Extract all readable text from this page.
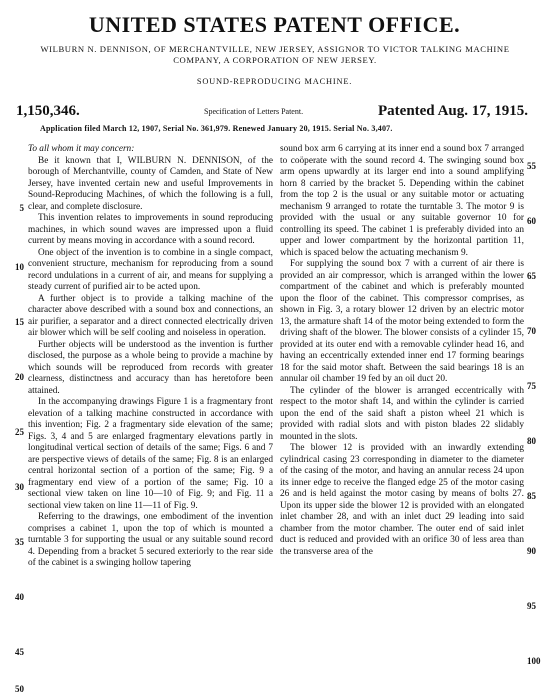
UNITED STATES PATENT OFFICE.
WILBURN N. DENNISON, OF MERCHANTVILLE, NEW JERSEY, ASSIGNOR TO VICTOR TALKING MACHINE COMPANY, A CORPORATION OF NEW JERSEY.
SOUND-REPRODUCING MACHINE.
1,150,346.	Specification of Letters Patent.	Patented Aug. 17, 1915.
Application filed March 12, 1907, Serial No. 361,979. Renewed January 20, 1915. Serial No. 3,407.
To all whom it may concern:

Be it known that I, WILBURN N. DENNISON, of the borough of Merchantville, county of Camden, and State of New Jersey, have invented certain new and useful Improvements in Sound-Reproducing Machines, of which the following is a full, clear, and complete disclosure.

This invention relates to improvements in sound reproducing machines, in which sound waves are impressed upon a fluid current by means moving in accordance with a sound record.

One object of the invention is to combine in a single compact, convenient structure, mechanism for reproducing from a sound record undulations in a current of air, and means for supplying a steady current of purified air to be acted upon.

A further object is to provide a talking machine of the character above described with a sound box and connections, an air purifier, a separator and a direct connected electrically driven air blower which will be self cooling and noiseless in operation.

Further objects will be understood as the invention is further disclosed, the purpose as a whole being to provide a machine by which sounds will be reproduced from records with greater clearness, distinctness and accuracy than has heretofore been attained.

In the accompanying drawings Figure 1 is a fragmentary front elevation of a talking machine constructed in accordance with this invention; Fig. 2 a fragmentary side elevation of the same; Figs. 3, 4 and 5 are enlarged fragmentary elevations partly in longitudinal vertical section of details of the same; Figs. 6 and 7 are perspective views of details of the same; Fig. 8 is an enlarged central horizontal section of a portion of the same; Fig. 9 a fragmentary end view of a portion of the same; Fig. 10 a sectional view taken on line 10—10 of Fig. 9; and Fig. 11 a sectional view taken on line 11—11 of Fig. 9.

Referring to the drawings, one embodiment of the invention comprises a cabinet 1, upon the top of which is mounted a turntable 3 for supporting the usual or any suitable sound record 4. Depending from a bracket 5 secured exteriorly to the rear side of the cabinet is a swinging hollow tapering

sound box arm 6 carrying at its inner end a sound box 7 arranged to coöperate with the sound record 4. The swinging sound box arm opens upwardly at its larger end into a sound amplifying horn 8 carried by the bracket 5. Depending within the cabinet from the top 2 is the usual or any suitable motor or actuating mechanism 9 arranged to rotate the turntable 3. The motor 9 is provided with the usual or any suitable governor 10 for controlling its speed. The cabinet 1 is preferably divided into an upper and lower compartment by the horizontal partition 11, which is spaced below the actuating mechanism 9.

For supplying the sound box 7 with a current of air there is provided an air compressor, which is arranged within the lower compartment of the cabinet and which is preferably mounted upon the floor of the cabinet. This compressor comprises, as shown in Fig. 3, a rotary blower 12 driven by an electric motor 13, the armature shaft 14 of the motor being extended to form the driving shaft of the blower. The blower consists of a cylinder 15, provided at its outer end with a removable cylinder head 16, and having an eccentrically extended inner end 17 forming bearings 18 for the said motor shaft. Between the said bearings 18 is an annular oil chamber 19 fed by an oil duct 20.

The cylinder of the blower is arranged eccentrically with respect to the motor shaft 14, and within the cylinder is carried upon the end of the said shaft a piston wheel 21 which is provided with radial slots and with piston blades 22 slidably mounted in the slots.

The blower 12 is provided with an inwardly extending cylindrical casing 23 corresponding in diameter to the diameter of the casing of the motor, and having an annular recess 24 upon its inner edge to receive the flanged edge 25 of the motor casing 26 and is held against the motor casing by means of bolts 27. Upon its upper side the blower 12 is provided with an elongated inlet chamber 28, and with an inlet duct 29 leading into said chamber from the motor chamber. The outer end of said inlet duct is reduced and provided with an orifice 30 of less area than the transverse area of the

5
10
15
20
25
30
35
40
45
50
55
60
65
70
75
80
85
90
95
100
